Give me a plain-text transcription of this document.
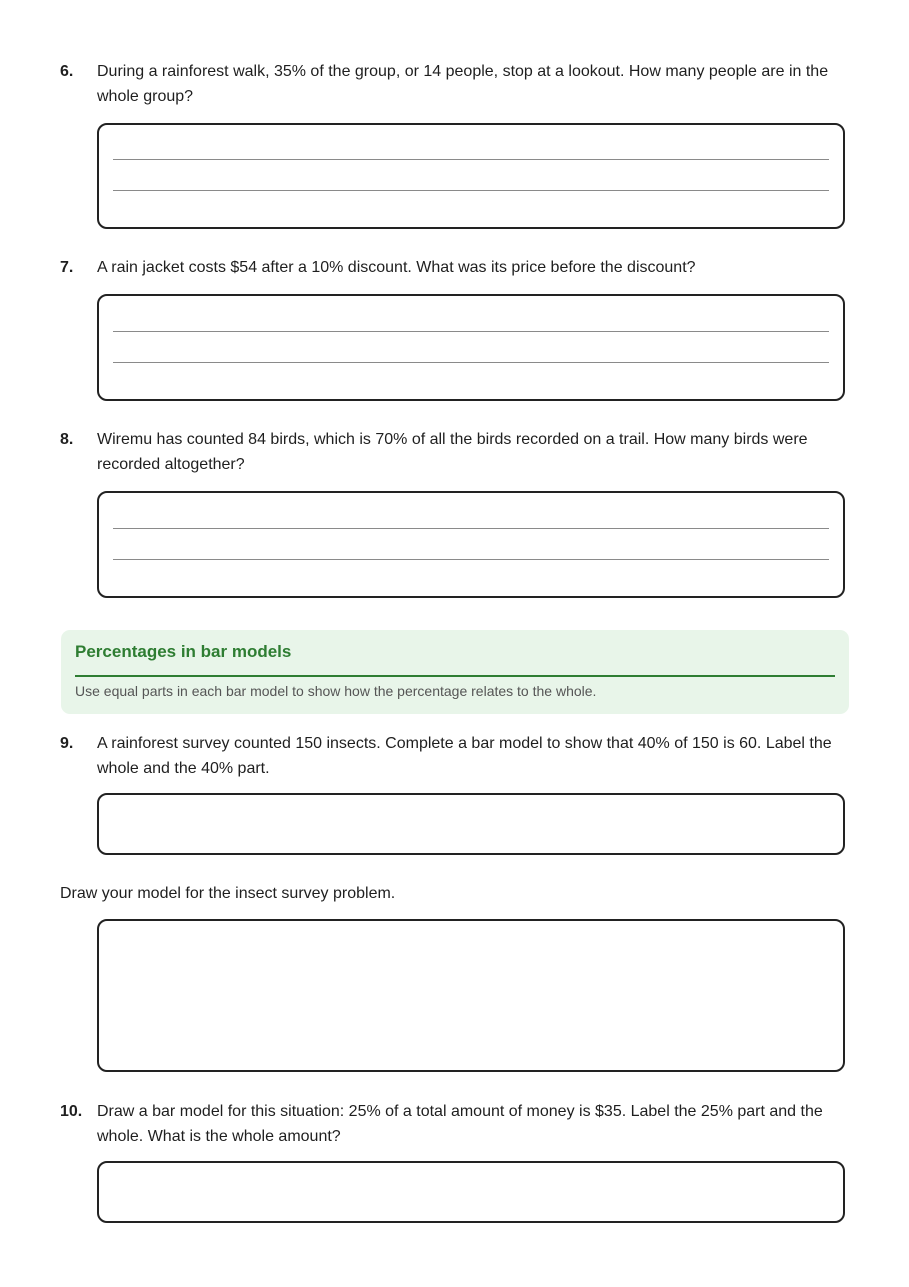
6. During a rainforest walk, 35% of the group, or 14 people, stop at a lookout. How many people are in the whole group?
7. A rain jacket costs $54 after a 10% discount. What was its price before the discount?
8. Wiremu has counted 84 birds, which is 70% of all the birds recorded on a trail. How many birds were recorded altogether?
Percentages in bar models
Use equal parts in each bar model to show how the percentage relates to the whole.
9. A rainforest survey counted 150 insects. Complete a bar model to show that 40% of 150 is 60. Label the whole and the 40% part.
Draw your model for the insect survey problem.
10. Draw a bar model for this situation: 25% of a total amount of money is $35. Label the 25% part and the whole. What is the whole amount?
